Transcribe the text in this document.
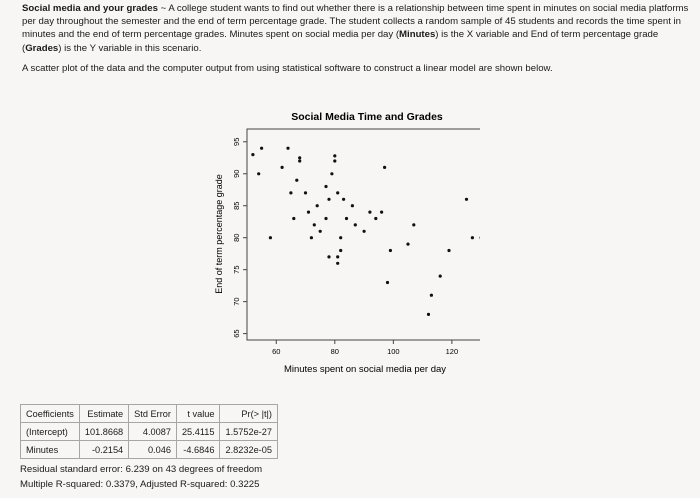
Social media and your grades ~ A college student wants to find out whether there is a relationship between time spent in minutes on social media platforms per day throughout the semester and the end of term percentage grade. The student collects a random sample of 45 students and records the time spent in minutes and the end of term percentage grades. Minutes spent on social media per day (Minutes) is the X variable and End of term percentage grade (Grades) is the Y variable in this scenario.

A scatter plot of the data and the computer output from using statistical software to construct a linear model are shown below.

Social Media Time and Grades
60	80	100	120
65
70
75
80
85
90
95
Minutes spent on social media per day
End of term percentage grade
Coefficients	Estimate	Std Error	t value	Pr(> |t|)
(Intercept)	101.8668	4.0087	25.4115	1.5752e-27
Minutes	-0.2154	0.046	-4.6846	2.8232e-05

Residual standard error: 6.239 on 43 degrees of freedom

Multiple R-squared: 0.3379, Adjusted R-squared: 0.3225
